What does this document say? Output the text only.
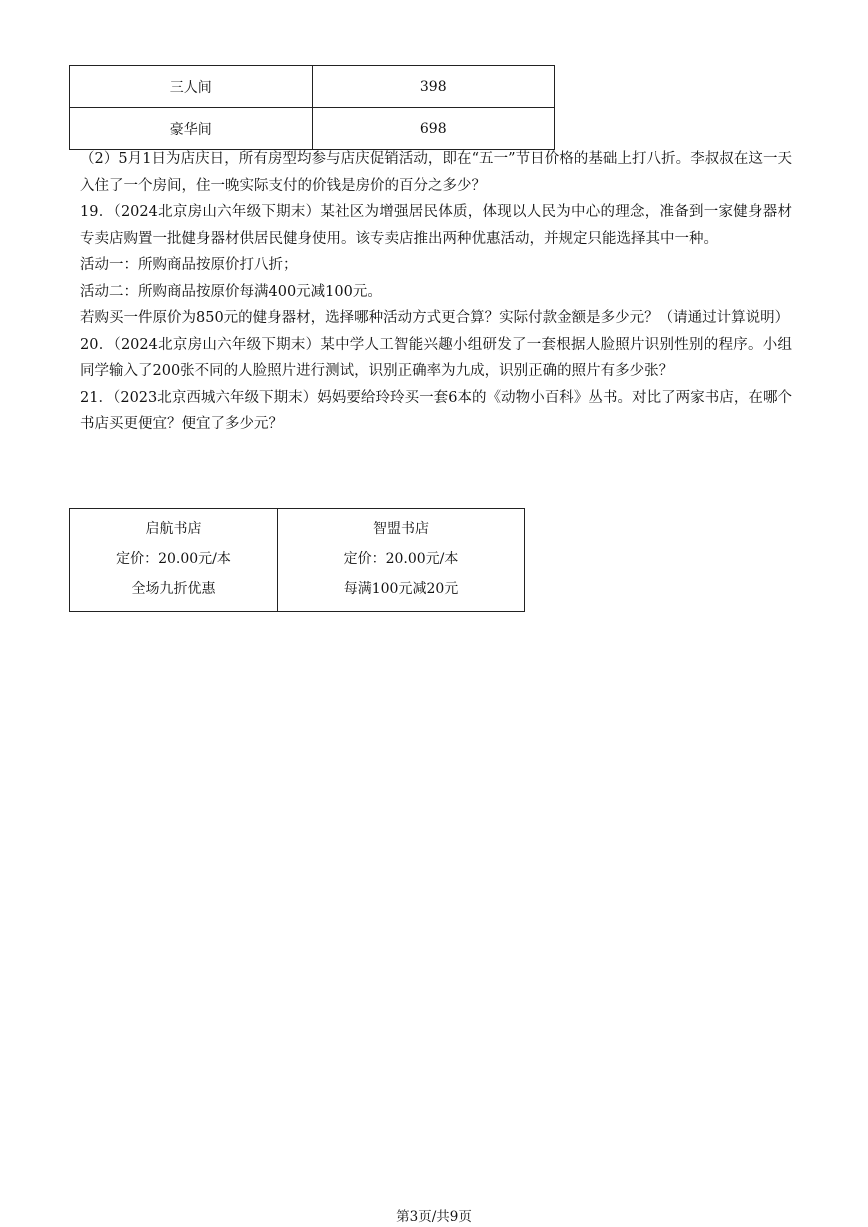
三人间	398
豪华间	698

（2）5月1日为店庆日，所有房型均参与店庆促销活动，即在“五一”节日价格的基础上打八折。李叔叔在这一天入住了一个房间，住一晚实际支付的价钱是房价的百分之多少？

19．（2024北京房山六年级下期末）某社区为增强居民体质，体现以人民为中心的理念，准备到一家健身器材专卖店购置一批健身器材供居民健身使用。该专卖店推出两种优惠活动，并规定只能选择其中一种。

活动一：所购商品按原价打八折；

活动二：所购商品按原价每满400元减100元。

若购买一件原价为850元的健身器材，选择哪种活动方式更合算？实际付款金额是多少元？（请通过计算说明）

20．（2024北京房山六年级下期末）某中学人工智能兴趣小组研发了一套根据人脸照片识别性别的程序。小组同学输入了200张不同的人脸照片进行测试，识别正确率为九成，识别正确的照片有多少张？

21．（2023北京西城六年级下期末）妈妈要给玲玲买一套6本的《动物小百科》丛书。对比了两家书店，在哪个书店买更便宜？便宜了多少元？

启航书店
定价：20.00元/本
全场九折优惠

智盟书店
定价：20.00元/本
每满100元减20元
第3页/共9页
